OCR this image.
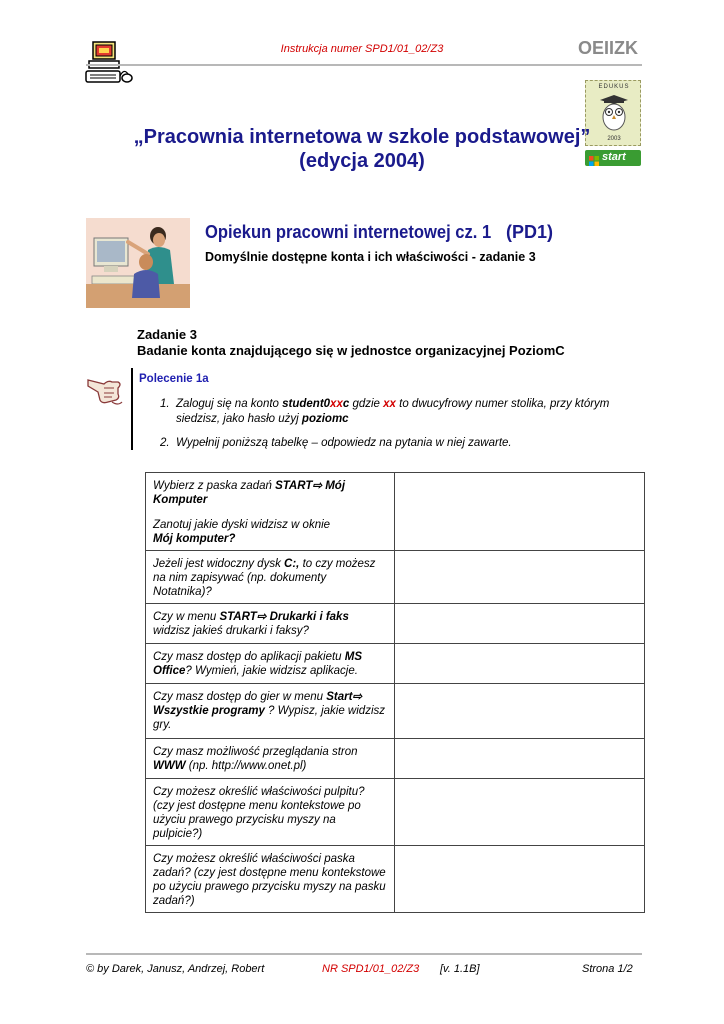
Instrukcja numer SPD1/01_02/Z3	OEIIZK
EDUKUS
2003
start
„Pracownia internetowa w szkole podstawowej”
(edycja 2004)
Opiekun pracowni internetowej cz. 1 (PD1)
Domyślnie dostępne konta i ich właściwości - zadanie 3
Zadanie 3
Badanie konta znajdującego się w jednostce organizacyjnej PoziomC
Polecenie 1a
1. Zaloguj się na konto student0xxc gdzie xx to dwucyfrowy numer stolika, przy którym siedzisz, jako hasło użyj poziomc
2. Wypełnij poniższą tabelkę – odpowiedz na pytania w niej zawarte.

Wybierz z paska zadań START⇨ Mój Komputer

Zanotuj jakie dyski widzisz w oknie
Mój komputer?	

Jeżeli jest widoczny dysk C:, to czy możesz na nim zapisywać (np. dokumenty Notatnika)?	
Czy w menu START⇨ Drukarki i faks widzisz jakieś drukarki i faksy?	
Czy masz dostęp do aplikacji pakietu MS Office? Wymień, jakie widzisz aplikacje.	
Czy masz dostęp do gier w menu Start⇨ Wszystkie programy ? Wypisz, jakie widzisz gry.	
Czy masz możliwość przeglądania stron WWW (np. http://www.onet.pl)	
Czy możesz określić właściwości pulpitu? (czy jest dostępne menu kontekstowe po użyciu prawego przycisku myszy na pulpicie?)	
Czy możesz określić właściwości paska zadań? (czy jest dostępne menu kontekstowe po użyciu prawego przycisku myszy na pasku zadań?)	
© by Darek, Janusz, Andrzej, Robert	NR SPD1/01_02/Z3 [v. 1.1B]	Strona 1/2
